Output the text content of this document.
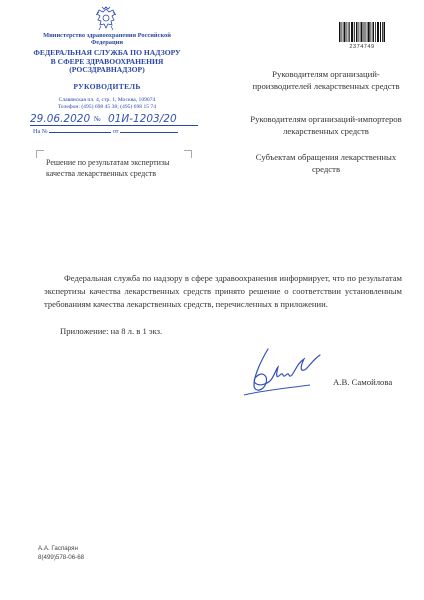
Министерство здравоохранения Российской Федерации
ФЕДЕРАЛЬНАЯ СЛУЖБА ПО НАДЗОРУ
В СФЕРЕ ЗДРАВООХРАНЕНИЯ
(РОСЗДРАВНАДЗОР)
РУКОВОДИТЕЛЬ
Славянская пл. 4, стр. 1, Москва, 109074
Телефон: (495) 698 45 38; (495) 698 15 74
29.06.2020 № 01И-1203/20
На №	от
Решение по результатам экспертизы качества лекарственных средств
2374749
Руководителям организаций-производителей лекарственных средств
Руководителям организаций-импортеров лекарственных средств
Субъектам обращения лекарственных средств
Федеральная служба по надзору в сфере здравоохранения информирует, что по результатам экспертизы качества лекарственных средств принято решение о соответствии установленным требованиям качества лекарственных средств, перечисленных в приложении.
Приложение: на 8 л. в 1 экз.
А.В. Самойлова
А.А. Гаспарян
8(499)578-06-68
